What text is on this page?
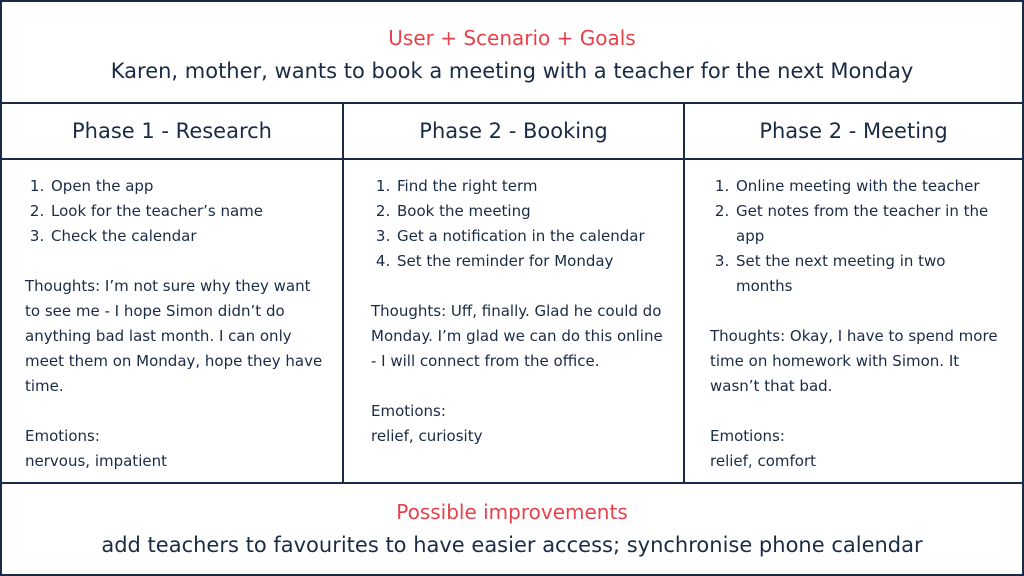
User + Scenario + Goals
Karen, mother, wants to book a meeting with a teacher for the next Monday
Phase 1 - Research	Phase 2 - Booking	Phase 2 - Meeting
1. Open the app
2. Look for the teacher’s name
3. Check the calendar

Thoughts: I’m not sure why they want to see me - I hope Simon didn’t do anything bad last month. I can only meet them on Monday, hope they have time.

Emotions:

nervous, impatient

1. Find the right term
2. Book the meeting
3. Get a notification in the calendar
4. Set the reminder for Monday

Thoughts: Uff, finally. Glad he could do Monday. I’m glad we can do this online - I will connect from the office.

Emotions:

relief, curiosity

1. Online meeting with the teacher
2. Get notes from the teacher in the app
3. Set the next meeting in two months

Thoughts: Okay, I have to spend more time on homework with Simon. It wasn’t that bad.

Emotions:

relief, comfort

Possible improvements
add teachers to favourites to have easier access; synchronise phone calendar
